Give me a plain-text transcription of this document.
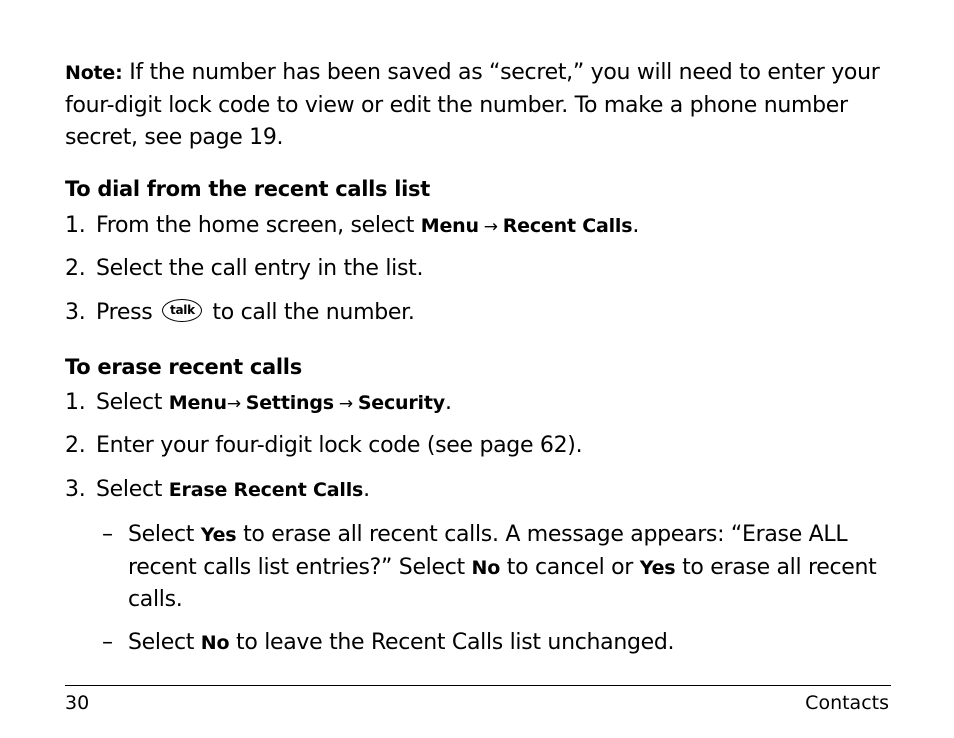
Note: If the number has been saved as “secret,” you will need to enter your four-digit lock code to view or edit the number. To make a phone number secret, see page 19.
To dial from the recent calls list
1. From the home screen, select Menu → Recent Calls.
2. Select the call entry in the list.
3. Press talk to call the number.
To erase recent calls
1. Select Menu→ Settings → Security.
2. Enter your four-digit lock code (see page 62).
3. Select Erase Recent Calls.
– Select Yes to erase all recent calls. A message appears: “Erase ALL
recent calls list entries?” Select No to cancel or Yes to erase all recent
calls.
– Select No to leave the Recent Calls list unchanged.
30	Contacts
